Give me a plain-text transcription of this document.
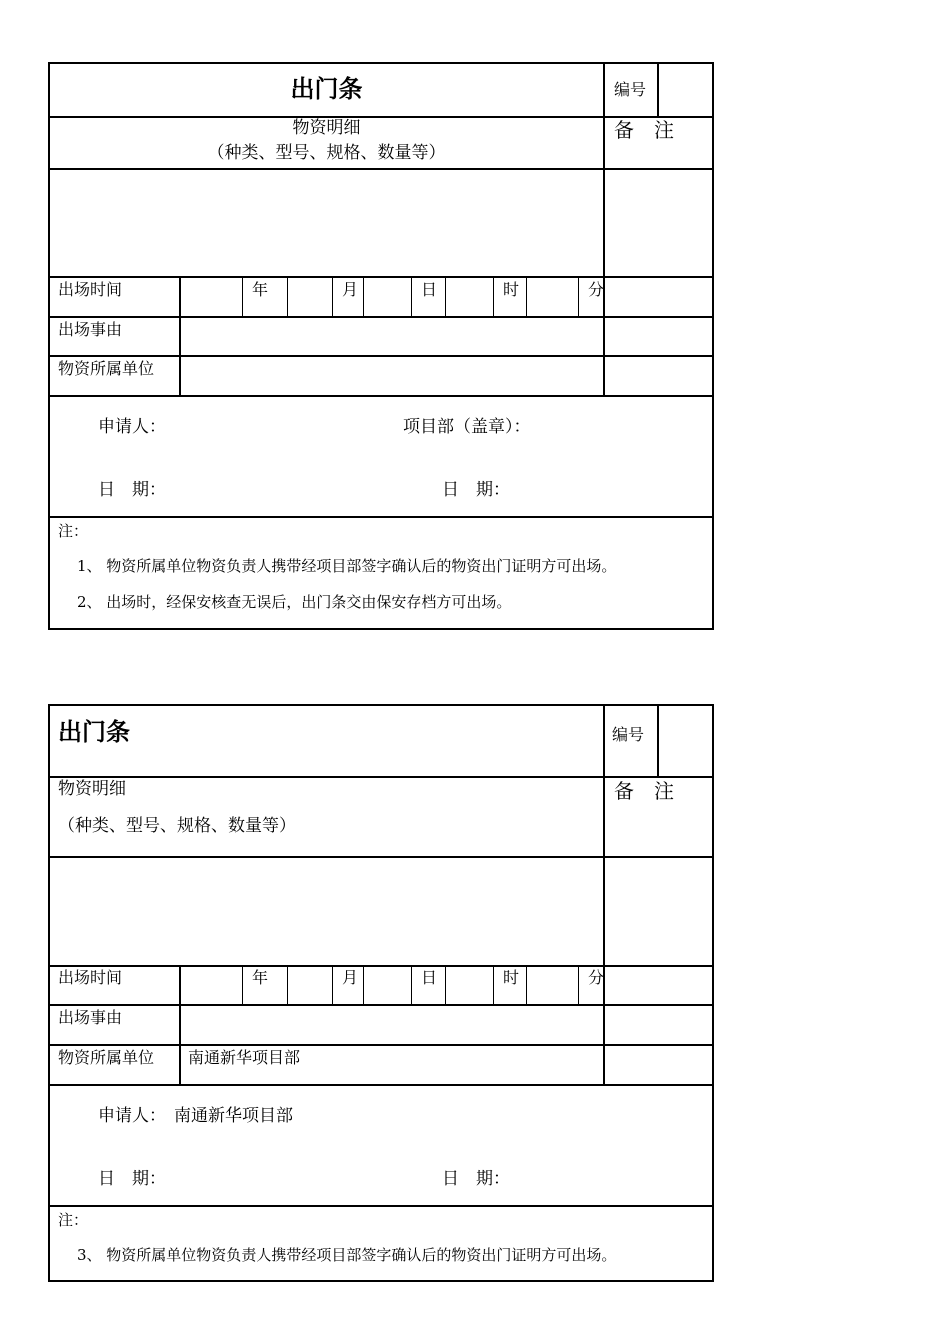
出门条	编号
备　注
物资明细
（种类、型号、规格、数量等）
出场时间	年	月	日	时	分
出场事由
物资所属单位
申请人：	项目部（盖章）：
日　期：	日　期：
注：
1、 物资所属单位物资负责人携带经项目部签字确认后的物资出门证明方可出场。
2、 出场时，经保安核查无误后，出门条交由保安存档方可出场。
出门条	编号
备　注
物资明细
（种类、型号、规格、数量等）
出场时间	年	月	日	时	分
出场事由
物资所属单位 南通新华项目部
申请人： 南通新华项目部
日　期：	日　期：
注：
3、 物资所属单位物资负责人携带经项目部签字确认后的物资出门证明方可出场。
